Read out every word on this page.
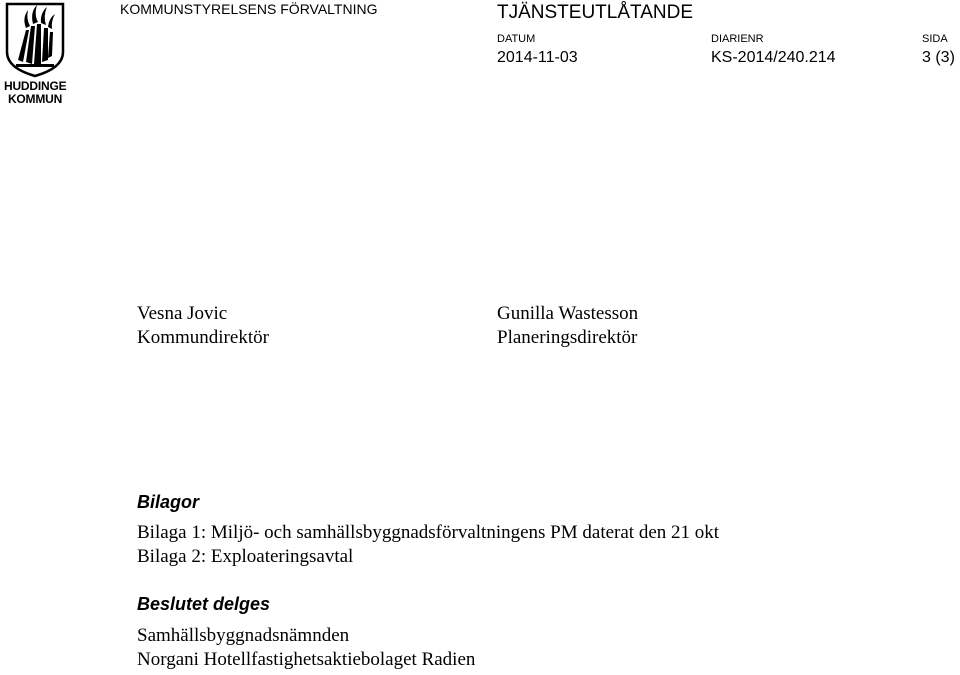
HUDDINGE
KOMMUN
KOMMUNSTYRELSENS FÖRVALTNING	TJÄNSTEUTLÅTANDE
DATUM
2014-11-03
DIARIENR
KS-2014/240.214
SIDA
3 (3)
Vesna Jovic
Kommundirektör
Gunilla Wastesson
Planeringsdirektör
Bilagor
Bilaga 1: Miljö- och samhällsbyggnadsförvaltningens PM daterat den 21 okt
Bilaga 2: Exploateringsavtal
Beslutet delges
Samhällsbyggnadsnämnden
Norgani Hotellfastighetsaktiebolaget Radien
